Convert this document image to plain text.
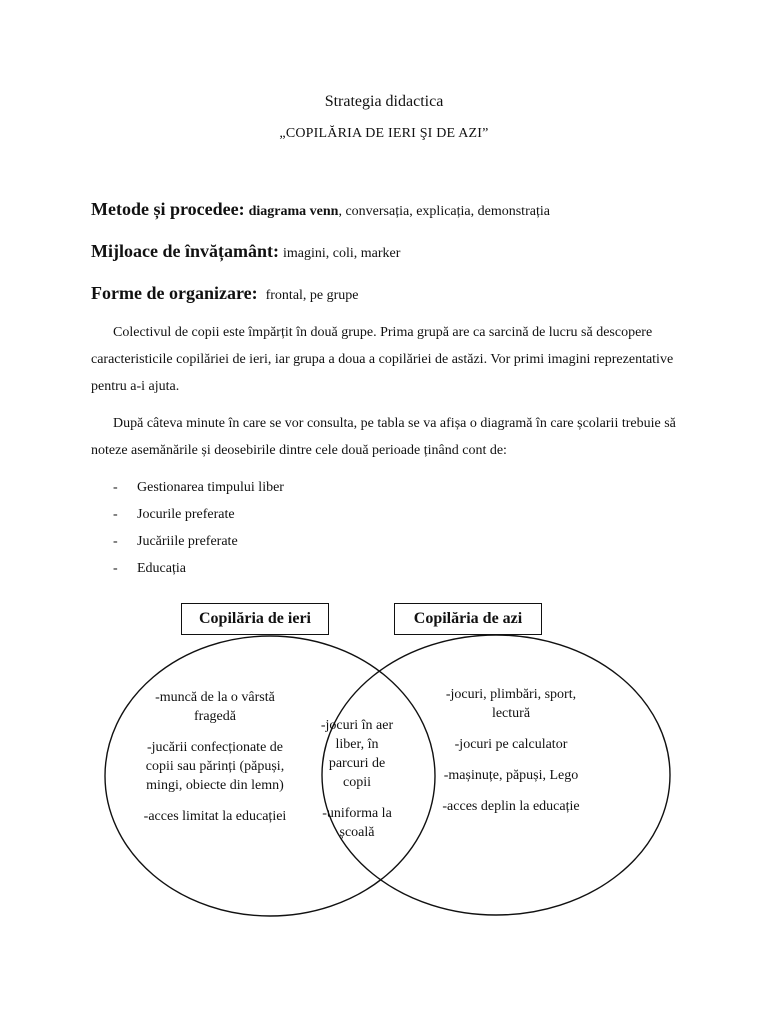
Strategia didactica
„COPILĂRIA DE IERI ŞI DE AZI”
Metode și procedee: diagrama venn, conversația, explicația, demonstrația
Mijloace de învățamânt: imagini, coli, marker
Forme de organizare: frontal, pe grupe

Colectivul de copii este împărțit în două grupe. Prima grupă are ca sarcină de lucru să descopere caracteristicile copilăriei de ieri, iar grupa a doua a copilăriei de astăzi. Vor primi imagini reprezentative pentru a-i ajuta.

După câteva minute în care se vor consulta, pe tabla se va afișa o diagramă în care școlarii trebuie să noteze asemănările și deosebirile dintre cele două perioade ținând cont de:

- Gestionarea timpului liber
- Jocurile preferate
- Jucăriile preferate
- Educația
Copilăria de ieri	Copilăria de azi

-muncă de la o vârstă fragedă

-jucării confecționate de copii sau părinți (păpuși, mingi, obiecte din lemn)

-acces limitat la educației

-jocuri în aer liber, în parcuri de copii

-uniforma la școală

-jocuri, plimbări, sport, lectură

-jocuri pe calculator

-mașinuțe, păpuși, Lego

-acces deplin la educație
